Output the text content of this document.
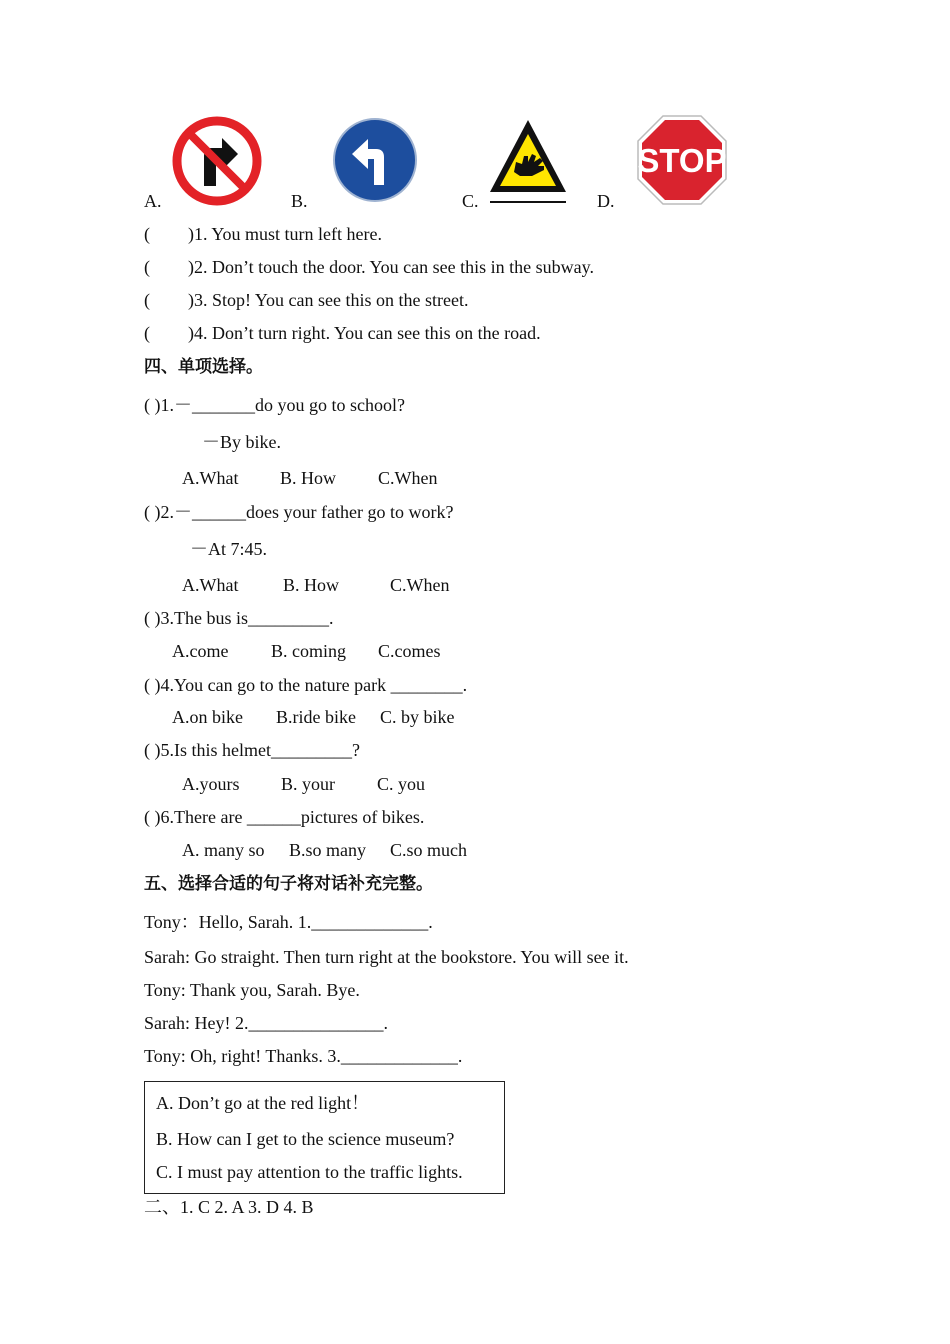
A.	B.	C.
STOP
D.
( )1. You must turn left here.
( )2. Don’t touch the door. You can see this in the subway.
( )3. Stop! You can see this on the street.
( )4. Don’t turn right. You can see this on the road.
四、单项选择。
( )1.－_______do you go to school?
－By bike.
A.What B. How C.When
( )2.－______does your father go to work?
－At 7:45.
A.What B. How	C.When
( )3.The bus is_________.
A.come B. coming C.comes
( )4.You can go to the nature park ________.
A.on bike B.ride bike C. by bike
( )5.Is this helmet_________?
A.yours B. your C. you
( )6.There are ______pictures of bikes.
A. many so B.so many C.so much
五、选择合适的句子将对话补充完整。
Tony：Hello, Sarah. 1._____________.
Sarah: Go straight. Then turn right at the bookstore. You will see it.
Tony: Thank you, Sarah. Bye.
Sarah: Hey! 2._______________.
Tony: Oh, right! Thanks. 3._____________.
A. Don’t go at the red light！
B. How can I get to the science museum?
C. I must pay attention to the traffic lights.
二、1. C 2. A 3. D 4. B
